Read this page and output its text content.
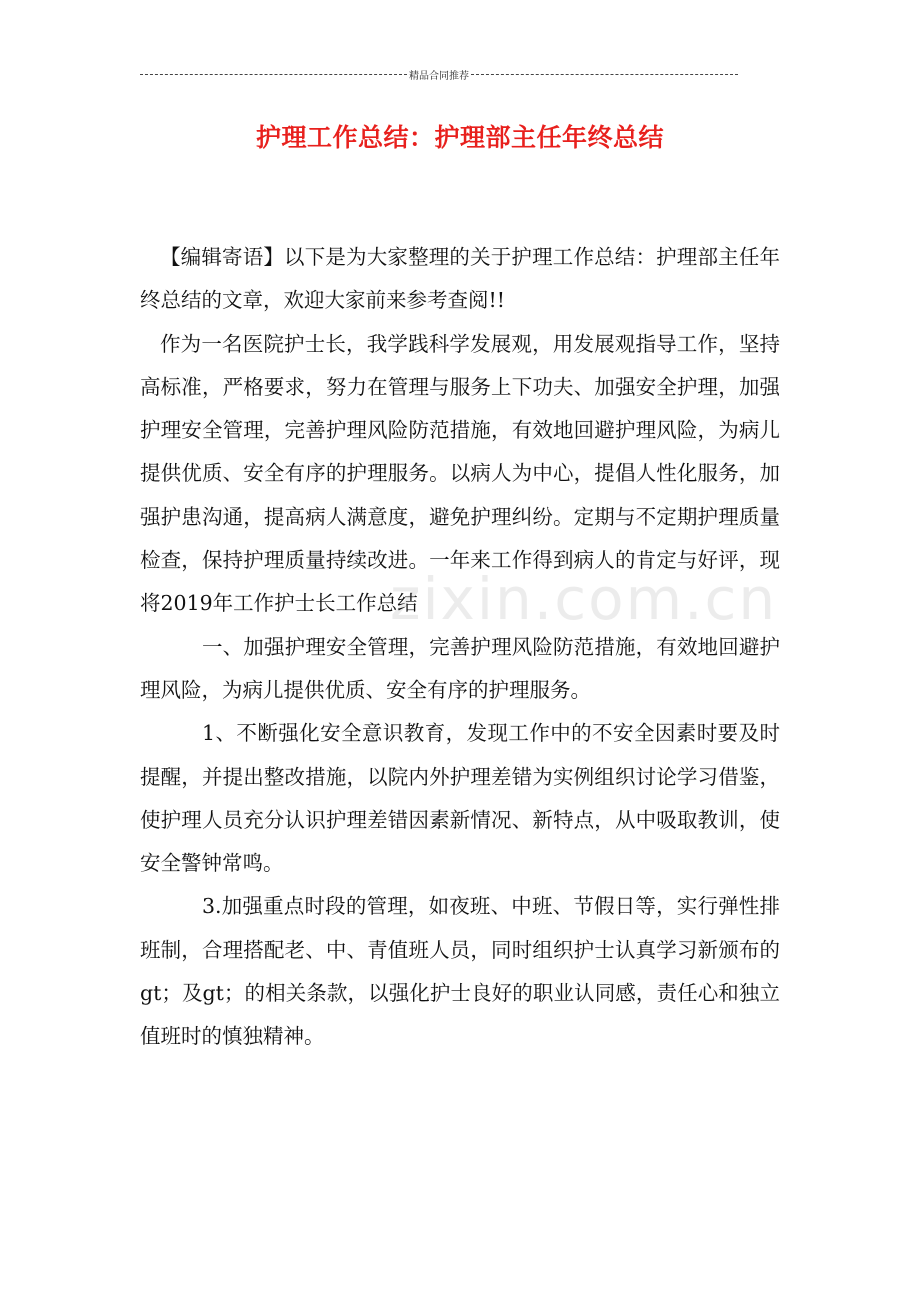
精品合同推荐
护理工作总结：护理部主任年终总结
zixin.com.cn

【编辑寄语】以下是为大家整理的关于护理工作总结：护理部主任年终总结的文章，欢迎大家前来参考查阅!!

作为一名医院护士长，我学践科学发展观，用发展观指导工作，坚持高标准，严格要求，努力在管理与服务上下功夫、加强安全护理，加强护理安全管理，完善护理风险防范措施，有效地回避护理风险，为病儿提供优质、安全有序的护理服务。以病人为中心，提倡人性化服务，加强护患沟通，提高病人满意度，避免护理纠纷。定期与不定期护理质量检查，保持护理质量持续改进。一年来工作得到病人的肯定与好评，现将2019年工作护士长工作总结

一、加强护理安全管理，完善护理风险防范措施，有效地回避护理风险，为病儿提供优质、安全有序的护理服务。

1、不断强化安全意识教育，发现工作中的不安全因素时要及时提醒，并提出整改措施，以院内外护理差错为实例组织讨论学习借鉴，使护理人员充分认识护理差错因素新情况、新特点，从中吸取教训，使安全警钟常鸣。

3.加强重点时段的管理，如夜班、中班、节假日等，实行弹性排班制，合理搭配老、中、青值班人员，同时组织护士认真学习新颁布的gt；及gt；的相关条款，以强化护士良好的职业认同感，责任心和独立值班时的慎独精神。
